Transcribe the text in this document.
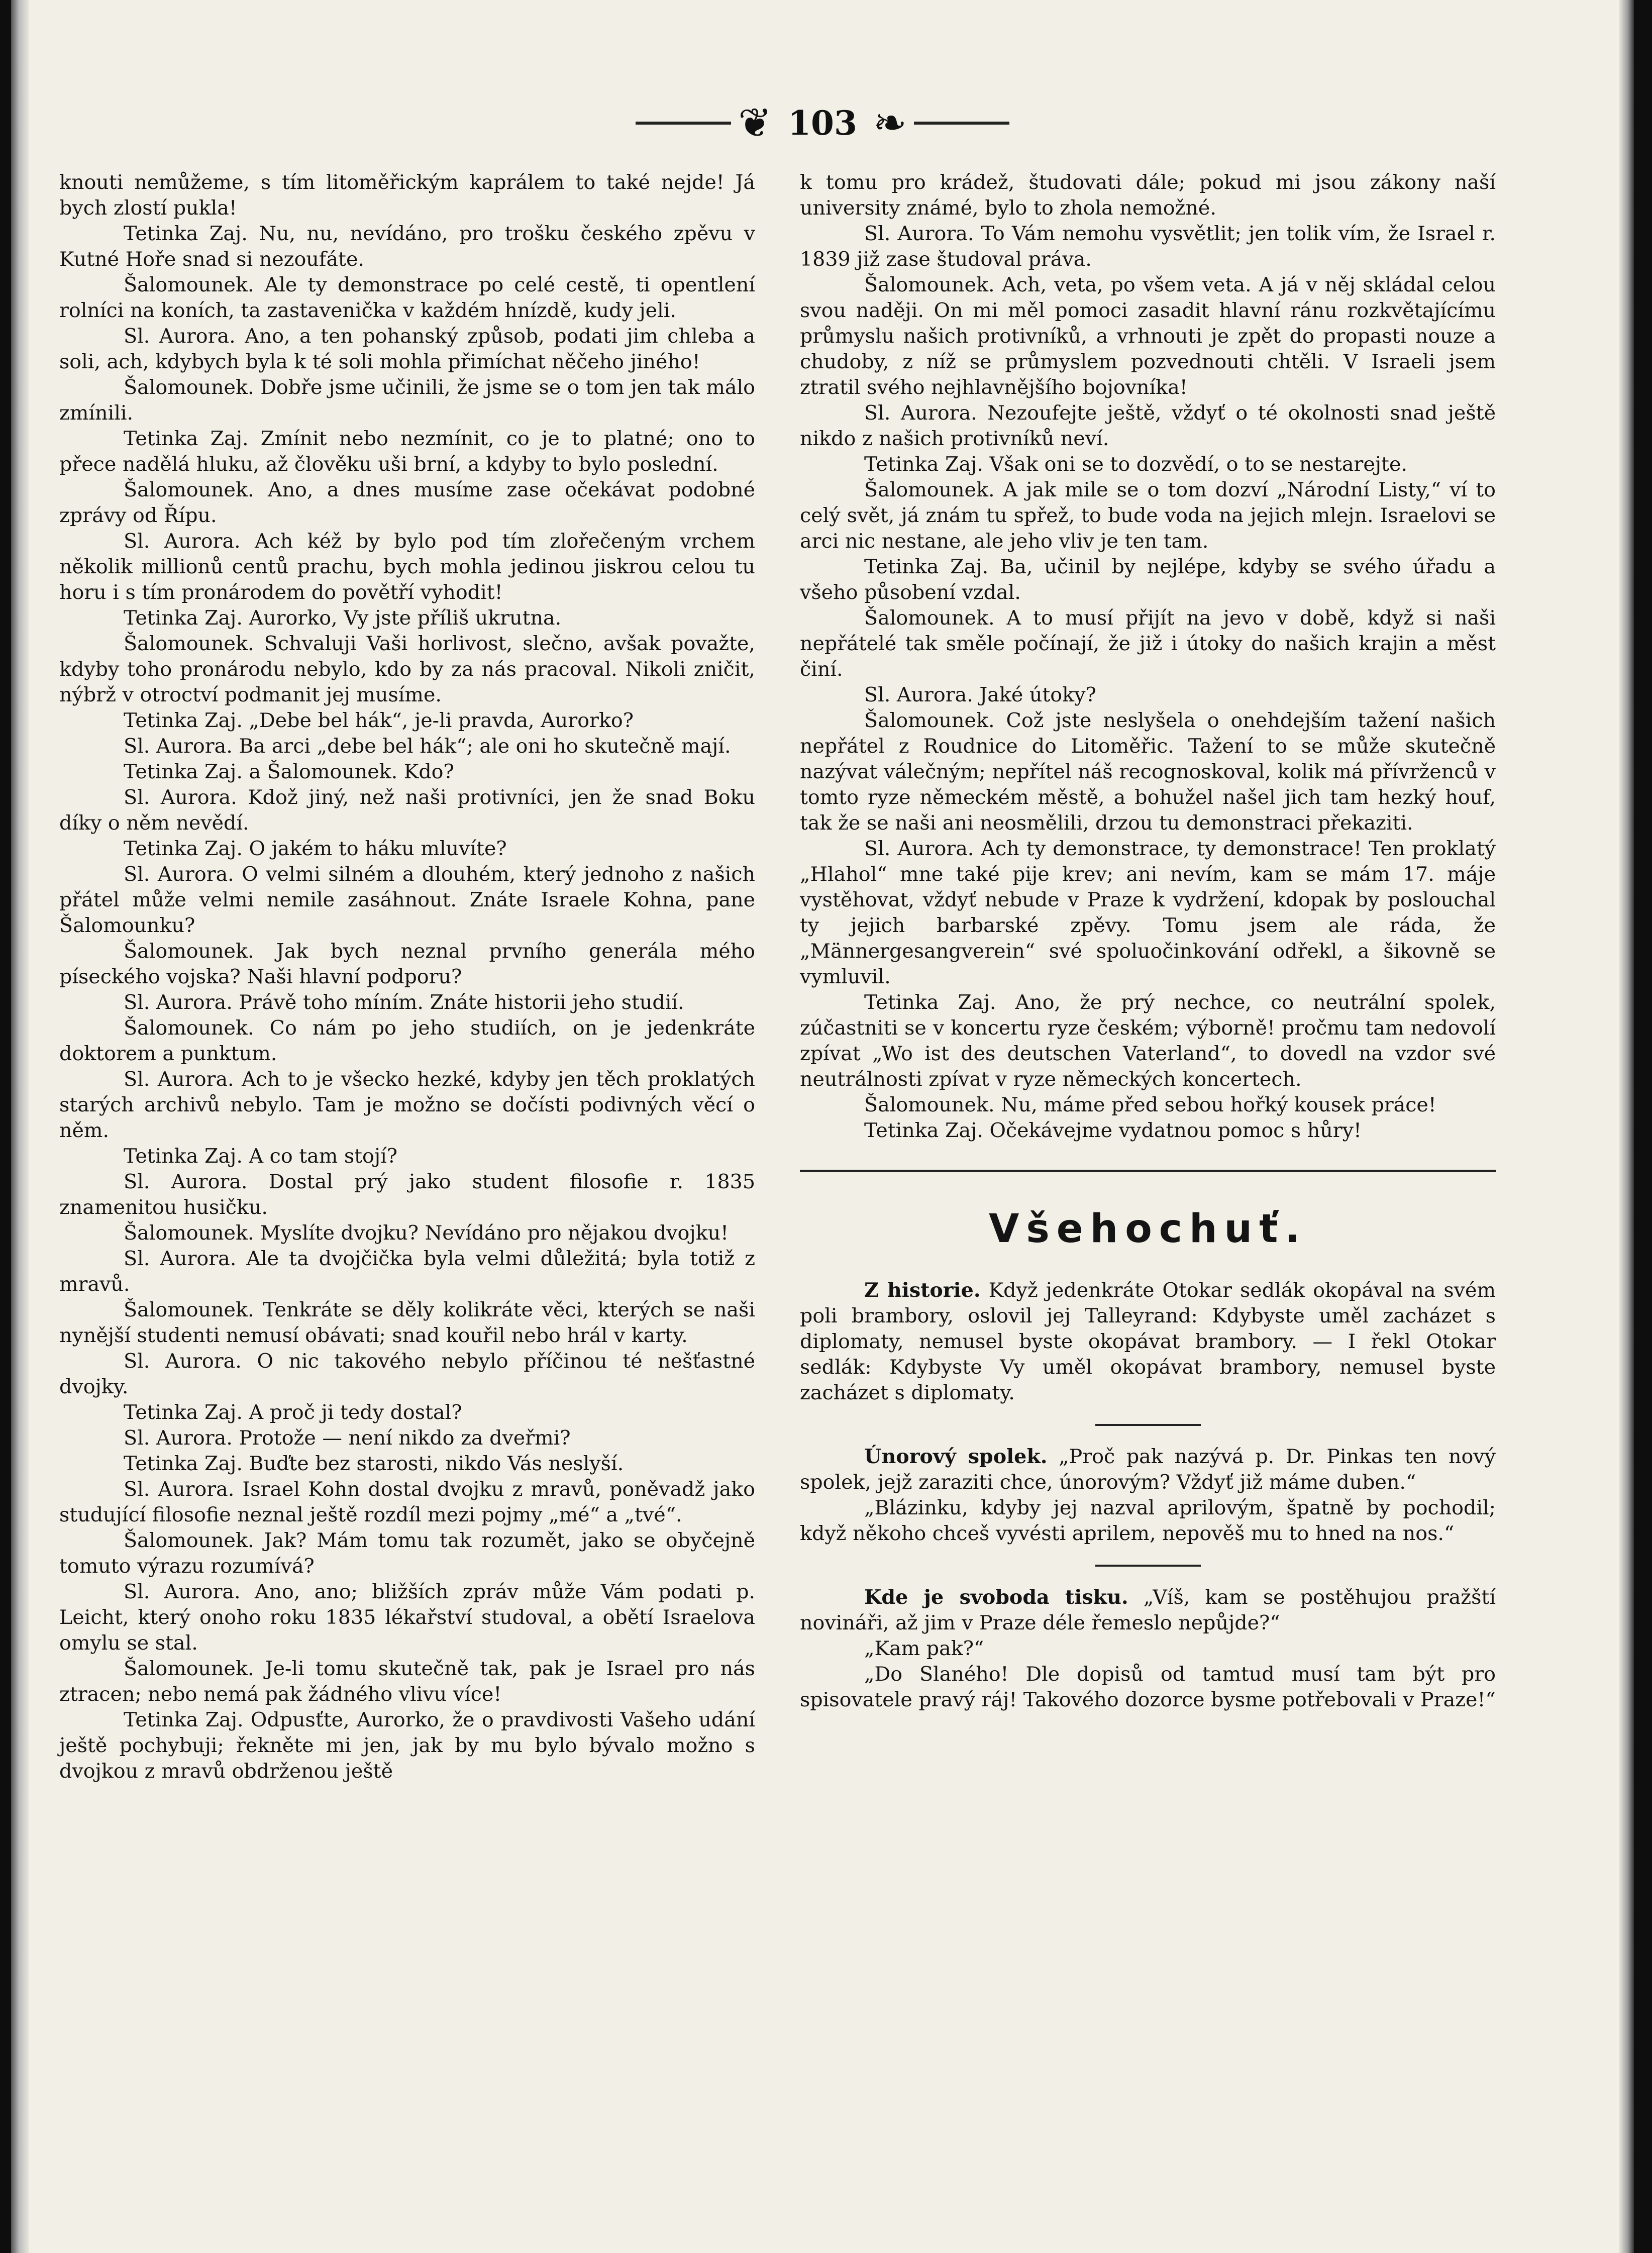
❦ 103 ❧

knouti nemůžeme, s tím litoměřickým kaprálem to také nejde! Já bych zlostí pukla!

Tetinka Zaj. Nu, nu, nevídáno, pro trošku českého zpěvu v Kutné Hoře snad si nezoufáte.

Šalomounek. Ale ty demonstrace po celé cestě, ti opentlení rolníci na koních, ta zastavenička v každém hnízdě, kudy jeli.

Sl. Aurora. Ano, a ten pohanský způsob, podati jim chleba a soli, ach, kdybych byla k té soli mohla přimíchat něčeho jiného!

Šalomounek. Dobře jsme učinili, že jsme se o tom jen tak málo zmínili.

Tetinka Zaj. Zmínit nebo nezmínit, co je to platné; ono to přece nadělá hluku, až člověku uši brní, a kdyby to bylo poslední.

Šalomounek. Ano, a dnes musíme zase očekávat podobné zprávy od Řípu.

Sl. Aurora. Ach kéž by bylo pod tím zlořečeným vrchem několik millionů centů prachu, bych mohla jedinou jiskrou celou tu horu i s tím pronárodem do povětří vyhodit!

Tetinka Zaj. Aurorko, Vy jste příliš ukrutna.

Šalomounek. Schvaluji Vaši horlivost, slečno, avšak považte, kdyby toho pronárodu nebylo, kdo by za nás pracoval. Nikoli zničit, nýbrž v otroctví podmanit jej musíme.

Tetinka Zaj. „Debe bel hák“, je-li pravda, Aurorko?

Sl. Aurora. Ba arci „debe bel hák“; ale oni ho skutečně mají.

Tetinka Zaj. a Šalomounek. Kdo?

Sl. Aurora. Kdož jiný, než naši protivníci, jen že snad Boku díky o něm nevědí.

Tetinka Zaj. O jakém to háku mluvíte?

Sl. Aurora. O velmi silném a dlouhém, který jednoho z našich přátel může velmi nemile zasáhnout. Znáte Israele Kohna, pane Šalomounku?

Šalomounek. Jak bych neznal prvního generála mého píseckého vojska? Naši hlavní podporu?

Sl. Aurora. Právě toho míním. Znáte historii jeho studií.

Šalomounek. Co nám po jeho studiích, on je jedenkráte doktorem a punktum.

Sl. Aurora. Ach to je všecko hezké, kdyby jen těch proklatých starých archivů nebylo. Tam je možno se dočísti podivných věcí o něm.

Tetinka Zaj. A co tam stojí?

Sl. Aurora. Dostal prý jako student filosofie r. 1835 znamenitou husičku.

Šalomounek. Myslíte dvojku? Nevídáno pro nějakou dvojku!

Sl. Aurora. Ale ta dvojčička byla velmi důležitá; byla totiž z mravů.

Šalomounek. Tenkráte se děly kolikráte věci, kterých se naši nynější studenti nemusí obávati; snad kouřil nebo hrál v karty.

Sl. Aurora. O nic takového nebylo příčinou té nešťastné dvojky.

Tetinka Zaj. A proč ji tedy dostal?

Sl. Aurora. Protože — není nikdo za dveřmi?

Tetinka Zaj. Buďte bez starosti, nikdo Vás neslyší.

Sl. Aurora. Israel Kohn dostal dvojku z mravů, poněvadž jako studující filosofie neznal ještě rozdíl mezi pojmy „mé“ a „tvé“.

Šalomounek. Jak? Mám tomu tak rozumět, jako se obyčejně tomuto výrazu rozumívá?

Sl. Aurora. Ano, ano; bližších zpráv může Vám podati p. Leicht, který onoho roku 1835 lékařství studoval, a obětí Israelova omylu se stal.

Šalomounek. Je-li tomu skutečně tak, pak je Israel pro nás ztracen; nebo nemá pak žádného vlivu více!

Tetinka Zaj. Odpusťte, Aurorko, že o pravdivosti Vašeho udání ještě pochybuji; řekněte mi jen, jak by mu bylo bývalo možno s dvojkou z mravů obdrženou ještě

k tomu pro krádež, študovati dále; pokud mi jsou zákony naší university známé, bylo to zhola nemožné.

Sl. Aurora. To Vám nemohu vysvětlit; jen tolik vím, že Israel r. 1839 již zase študoval práva.

Šalomounek. Ach, veta, po všem veta. A já v něj skládal celou svou naději. On mi měl pomoci zasadit hlavní ránu rozkvětajícímu průmyslu našich protivníků, a vrhnouti je zpět do propasti nouze a chudoby, z níž se průmyslem pozvednouti chtěli. V Israeli jsem ztratil svého nejhlavnějšího bojovníka!

Sl. Aurora. Nezoufejte ještě, vždyť o té okolnosti snad ještě nikdo z našich protivníků neví.

Tetinka Zaj. Však oni se to dozvědí, o to se nestarejte.

Šalomounek. A jak mile se o tom dozví „Národní Listy,“ ví to celý svět, já znám tu spřež, to bude voda na jejich mlejn. Israelovi se arci nic nestane, ale jeho vliv je ten tam.

Tetinka Zaj. Ba, učinil by nejlépe, kdyby se svého úřadu a všeho působení vzdal.

Šalomounek. A to musí přijít na jevo v době, když si naši nepřátelé tak směle počínají, že již i útoky do našich krajin a měst činí.

Sl. Aurora. Jaké útoky?

Šalomounek. Což jste neslyšela o onehdejším tažení našich nepřátel z Roudnice do Litoměřic. Tažení to se může skutečně nazývat válečným; nepřítel náš recognoskoval, kolik má přívrženců v tomto ryze německém městě, a bohužel našel jich tam hezký houf, tak že se naši ani neosmělili, drzou tu demonstraci překaziti.

Sl. Aurora. Ach ty demonstrace, ty demonstrace! Ten proklatý „Hlahol“ mne také pije krev; ani nevím, kam se mám 17. máje vystěhovat, vždyť nebude v Praze k vydržení, kdopak by poslouchal ty jejich barbarské zpěvy. Tomu jsem ale ráda, že „Männergesangverein“ své spoluočinkování odřekl, a šikovně se vymluvil.

Tetinka Zaj. Ano, že prý nechce, co neutrální spolek, zúčastniti se v koncertu ryze českém; výborně! pročmu tam nedovolí zpívat „Wo ist des deutschen Vaterland“, to dovedl na vzdor své neutrálnosti zpívat v ryze německých koncertech.

Šalomounek. Nu, máme před sebou hořký kousek práce!

Tetinka Zaj. Očekávejme vydatnou pomoc s hůry!

Všehochuť.

Z historie. Když jedenkráte Otokar sedlák okopával na svém poli brambory, oslovil jej Talleyrand: Kdybyste uměl zacházet s diplomaty, nemusel byste okopávat brambory. — I řekl Otokar sedlák: Kdybyste Vy uměl okopávat brambory, nemusel byste zacházet s diplomaty.

Únorový spolek. „Proč pak nazývá p. Dr. Pinkas ten nový spolek, jejž zaraziti chce, únorovým? Vždyť již máme duben.“

„Blázinku, kdyby jej nazval aprilovým, špatně by pochodil; když někoho chceš vyvésti aprilem, nepověš mu to hned na nos.“

Kde je svoboda tisku. „Víš, kam se postěhujou pražští novináři, až jim v Praze déle řemeslo nepůjde?“

„Kam pak?“

„Do Slaného! Dle dopisů od tamtud musí tam být pro spisovatele pravý ráj! Takového dozorce bysme potřebovali v Praze!“
